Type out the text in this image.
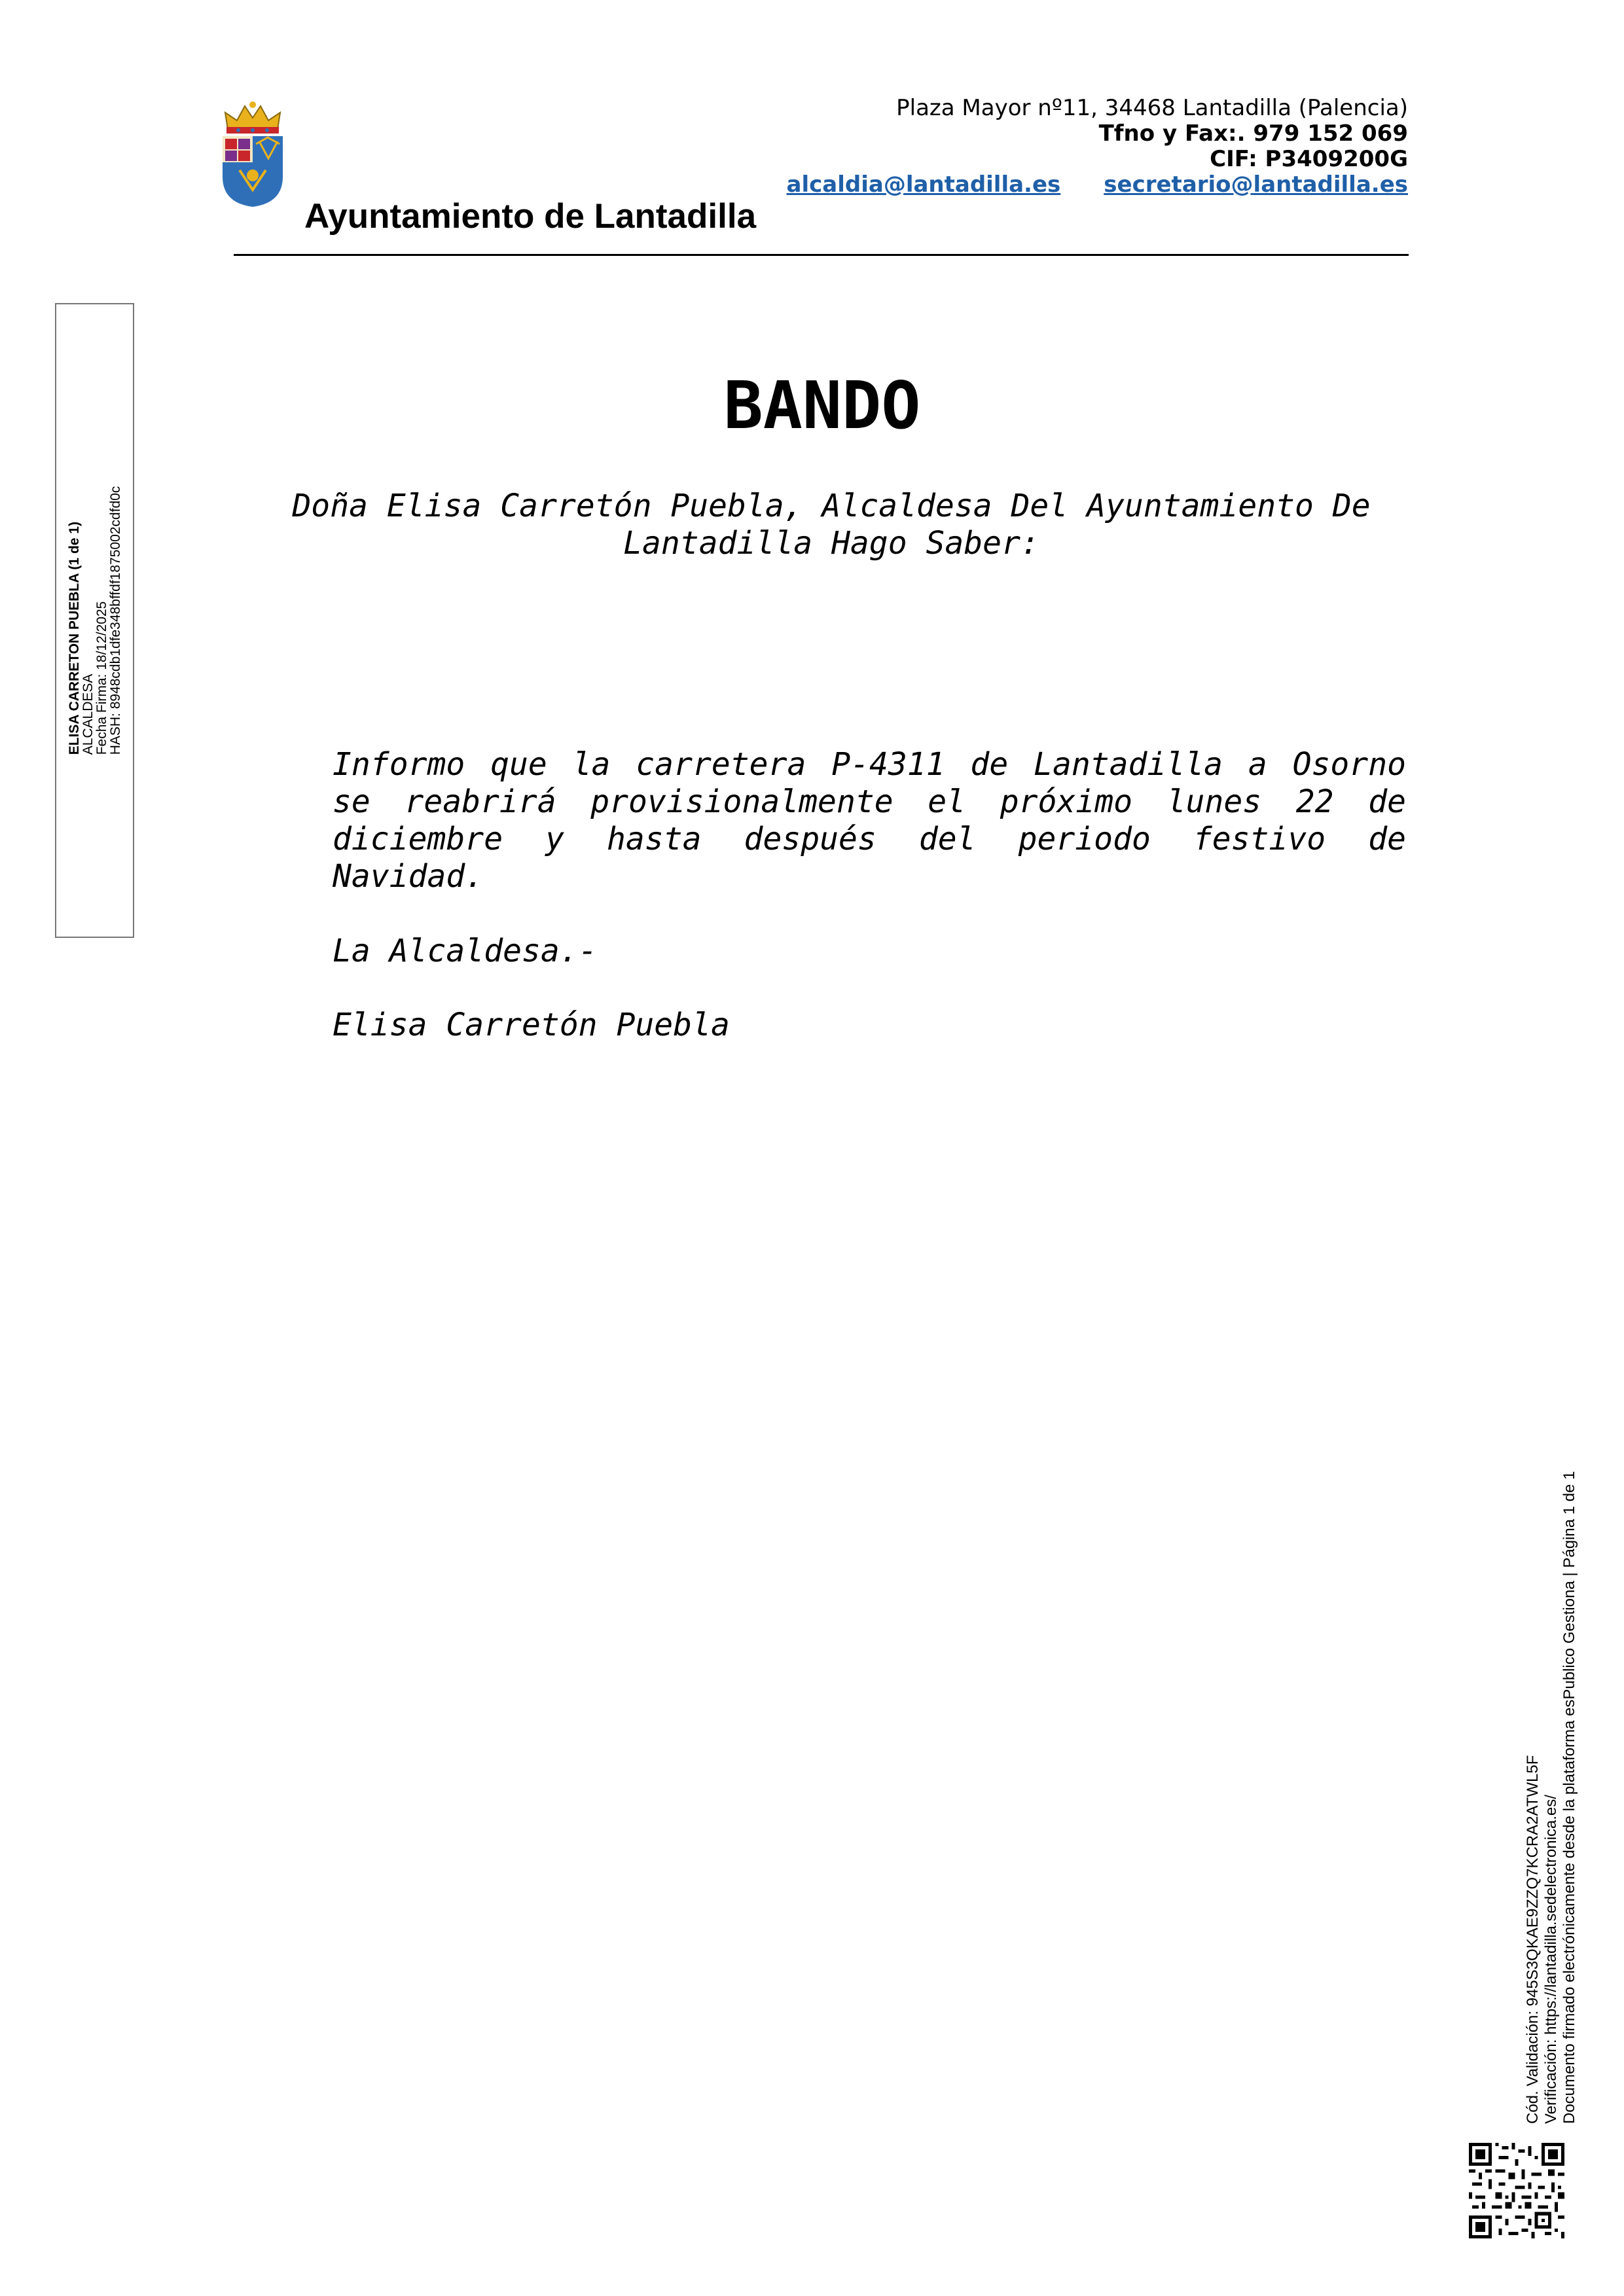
Ayuntamiento de Lantadilla
Plaza Mayor nº11, 34468 Lantadilla (Palencia)
Tfno y Fax:. 979 152 069
CIF: P3409200G
alcaldia@lantadilla.es secretario@lantadilla.es
ELISA CARRETON PUEBLA (1 de 1)
ALCALDESA
Fecha Firma: 18/12/2025
HASH: 8948cdb1dfe348bffdf1875002cdfd0c
BANDO
Doña Elisa Carretón Puebla, Alcaldesa Del Ayuntamiento De Lantadilla Hago Saber:
Informo que la carretera P-4311 de Lantadilla a Osorno se reabrirá provisionalmente el próximo lunes 22 de diciembre y hasta después del periodo festivo de Navidad.
La Alcaldesa.-
Elisa Carretón Puebla
Cód. Validación: 945S3QKAE9ZZQ7KCRA2ATWL5F Verificación: https://lantadilla.sedelectronica.es/ Documento firmado electrónicamente desde la plataforma esPublico Gestiona | Página 1 de 1
